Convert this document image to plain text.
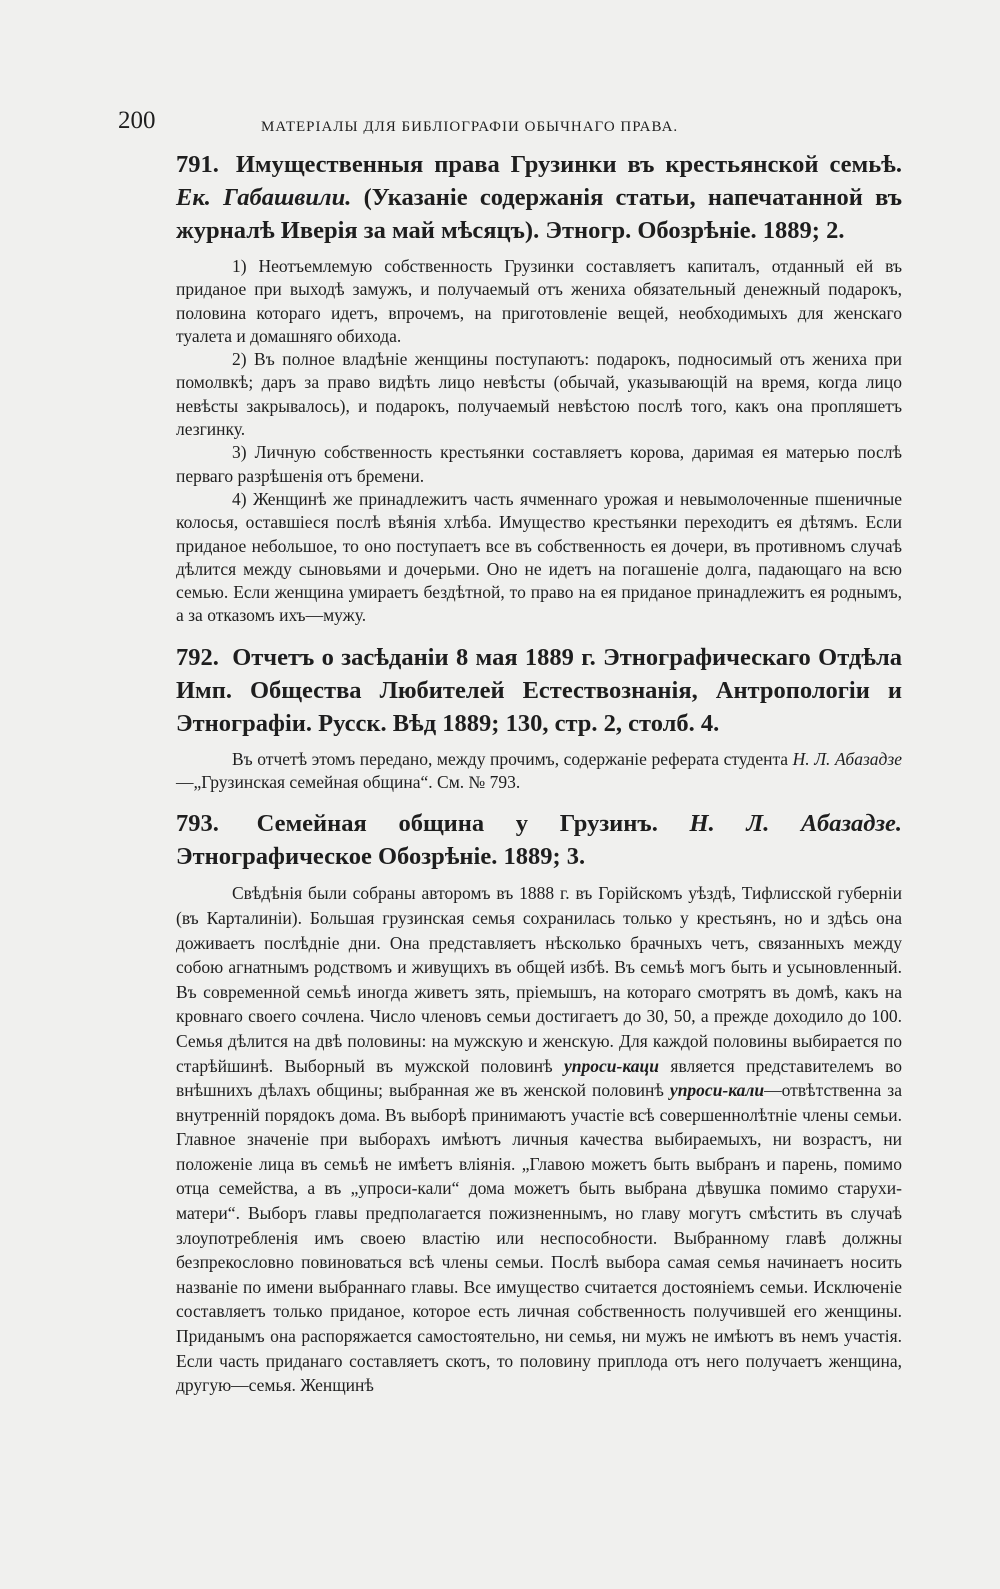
200	МАТЕРІАЛЫ ДЛЯ БИБЛІОГРАФІИ ОБЫЧНАГО ПРАВА.
791. Имущественныя права Грузинки въ крестьянской семьѣ. Ек. Габашвили. (Указаніе содержанія статьи, напечатанной въ журналѣ Иверія за май мѣсяцъ). Этногр. Обозрѣніе. 1889; 2.

1) Неотъемлемую собственность Грузинки составляетъ капиталъ, отданный ей въ приданое при выходѣ замужъ, и получаемый отъ жениха обязательный денежный подарокъ, половина котораго идетъ, впрочемъ, на приготовленіе вещей, необходимыхъ для женскаго туалета и домашняго обихода.

2) Въ полное владѣніе женщины поступаютъ: подарокъ, подносимый отъ жениха при помолвкѣ; даръ за право видѣть лицо невѣсты (обычай, указывающій на время, когда лицо невѣсты закрывалось), и подарокъ, получаемый невѣстою послѣ того, какъ она пропляшетъ лезгинку.

3) Личную собственность крестьянки составляетъ корова, даримая ея матерью послѣ перваго разрѣшенія отъ бремени.

4) Женщинѣ же принадлежитъ часть ячменнаго урожая и невымолоченные пшеничные колосья, оставшіеся послѣ вѣянія хлѣба. Имущество крестьянки переходитъ ея дѣтямъ. Если приданое небольшое, то оно поступаетъ все въ собственность ея дочери, въ противномъ случаѣ дѣлится между сыновьями и дочерьми. Оно не идетъ на погашеніе долга, падающаго на всю семью. Если женщина умираетъ бездѣтной, то право на ея приданое принадлежитъ ея роднымъ, а за отказомъ ихъ—мужу.

792. Отчетъ о засѣданіи 8 мая 1889 г. Этнографическаго Отдѣла Имп. Общества Любителей Естествознанія, Антропологіи и Этнографіи. Русск. Вѣд 1889; 130, стр. 2, столб. 4.

Въ отчетѣ этомъ передано, между прочимъ, содержаніе реферата студента Н. Л. Абазадзе—„Грузинская семейная община“. См. № 793.

793. Семейная община у Грузинъ. Н. Л. Абазадзе. Этнографическое Обозрѣніе. 1889; 3.

Свѣдѣнія были собраны авторомъ въ 1888 г. въ Горійскомъ уѣздѣ, Тифлисской губерніи (въ Карталиніи). Большая грузинская семья сохранилась только у крестьянъ, но и здѣсь она доживаетъ послѣдніе дни. Она представляетъ нѣсколько брачныхъ четъ, связанныхъ между собою агнатнымъ родствомъ и живущихъ въ общей избѣ. Въ семьѣ могъ быть и усыновленный. Въ современной семьѣ иногда живетъ зять, пріемышъ, на котораго смотрятъ въ домѣ, какъ на кровнаго своего сочлена. Число членовъ семьи достигаетъ до 30, 50, а прежде доходило до 100. Семья дѣлится на двѣ половины: на мужскую и женскую. Для каждой половины выбирается по старѣйшинѣ. Выборный въ мужской половинѣ упроси-каци является представителемъ во внѣшнихъ дѣлахъ общины; выбранная же въ женской половинѣ упроси-кали—отвѣтственна за внутренній порядокъ дома. Въ выборѣ принимаютъ участіе всѣ совершеннолѣтніе члены семьи. Главное значеніе при выборахъ имѣютъ личныя качества выбираемыхъ, ни возрастъ, ни положеніе лица въ семьѣ не имѣетъ вліянія. „Главою можетъ быть выбранъ и парень, помимо отца семейства, а въ „упроси-кали“ дома можетъ быть выбрана дѣвушка помимо старухи-матери“. Выборъ главы предполагается пожизненнымъ, но главу могутъ смѣстить въ случаѣ злоупотребленія имъ своею властію или неспособности. Выбранному главѣ должны безпрекословно повиноваться всѣ члены семьи. Послѣ выбора самая семья начинаетъ носить названіе по имени выбраннаго главы. Все имущество считается достояніемъ семьи. Исключеніе составляетъ только приданое, которое есть личная собственность получившей его женщины. Приданымъ она распоряжается самостоятельно, ни семья, ни мужъ не имѣютъ въ немъ участія. Если часть приданаго составляетъ скотъ, то половину приплода отъ него получаетъ женщина, другую—семья. Женщинѣ
